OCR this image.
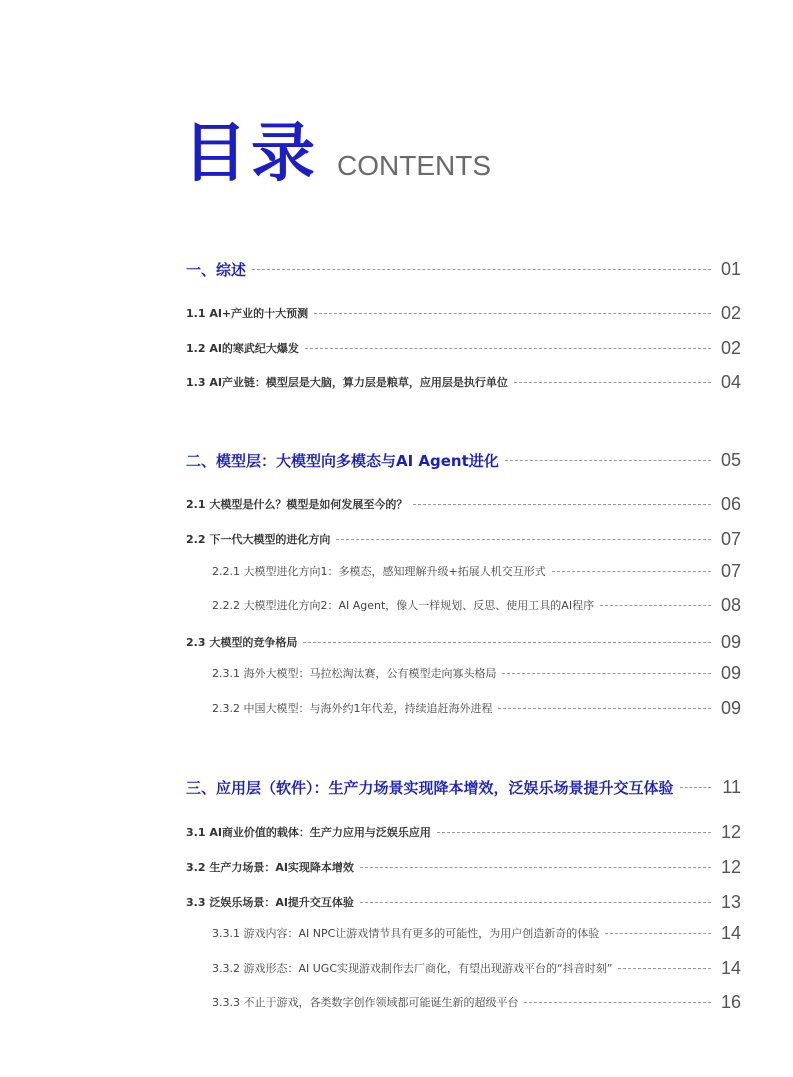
目录 CONTENTS
一、综述	01
1.1 AI+产业的十大预测	02
1.2 AI的寒武纪大爆发	02
1.3 AI产业链：模型层是大脑，算力层是粮草，应用层是执行单位	04
二、模型层：大模型向多模态与AI Agent进化	05
2.1 大模型是什么？模型是如何发展至今的？	06
2.2 下一代大模型的进化方向	07
2.2.1 大模型进化方向1：多模态，感知理解升级+拓展人机交互形式	07
2.2.2 大模型进化方向2：AI Agent，像人一样规划、反思、使用工具的AI程序	08
2.3 大模型的竞争格局	09
2.3.1 海外大模型：马拉松淘汰赛，公有模型走向寡头格局	09
2.3.2 中国大模型：与海外约1年代差，持续追赶海外进程	09
三、应用层（软件）：生产力场景实现降本增效，泛娱乐场景提升交互体验	11
3.1 AI商业价值的载体：生产力应用与泛娱乐应用	12
3.2 生产力场景：AI实现降本增效	12
3.3 泛娱乐场景：AI提升交互体验	13
3.3.1 游戏内容：AI NPC让游戏情节具有更多的可能性，为用户创造新奇的体验	14
3.3.2 游戏形态：AI UGC实现游戏制作去厂商化，有望出现游戏平台的“抖音时刻”	14
3.3.3 不止于游戏，各类数字创作领域都可能诞生新的超级平台	16
